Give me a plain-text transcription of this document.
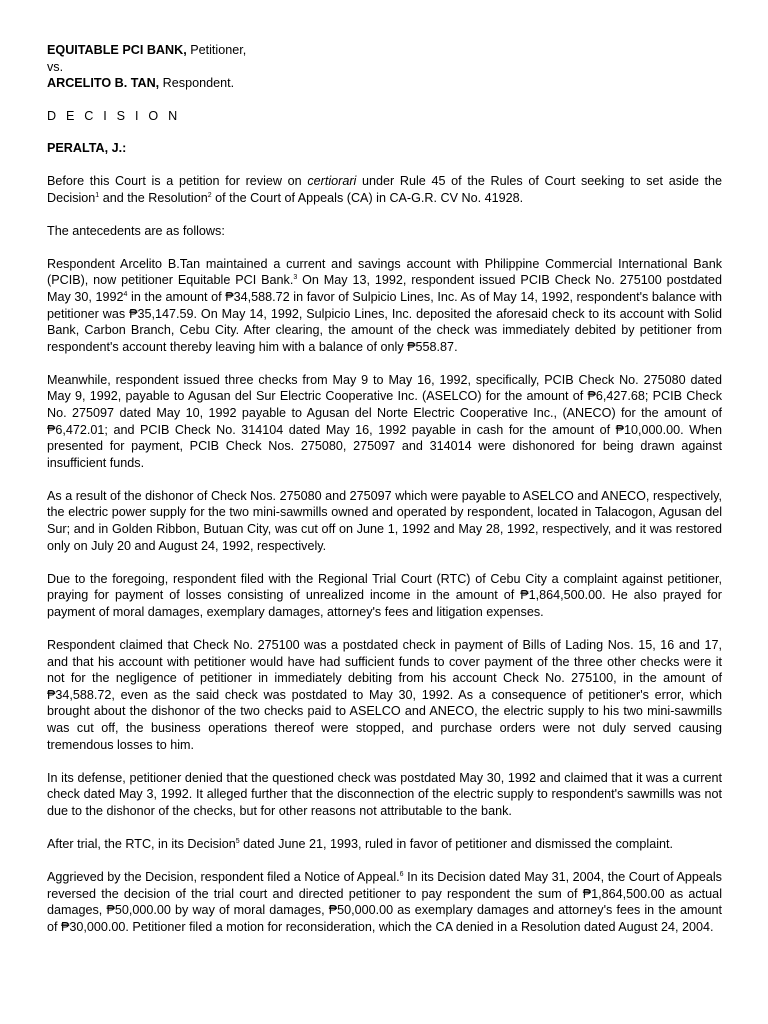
EQUITABLE PCI BANK, Petitioner,

vs.

ARCELITO B. TAN, Respondent.

D E C I S I O N
PERALTA, J.:

Before this Court is a petition for review on certiorari under Rule 45 of the Rules of Court seeking to set aside the Decision$^1$ and the Resolution$^2$ of the Court of Appeals (CA) in CA-G.R. CV No. 41928.

The antecedents are as follows:

Respondent Arcelito B.Tan maintained a current and savings account with Philippine Commercial International Bank (PCIB), now petitioner Equitable PCI Bank.$^3$ On May 13, 1992, respondent issued PCIB Check No. 275100 postdated May 30, 1992$^4$ in the amount of ₱34,588.72 in favor of Sulpicio Lines, Inc. As of May 14, 1992, respondent's balance with petitioner was ₱35,147.59. On May 14, 1992, Sulpicio Lines, Inc. deposited the aforesaid check to its account with Solid Bank, Carbon Branch, Cebu City. After clearing, the amount of the check was immediately debited by petitioner from respondent's account thereby leaving him with a balance of only ₱558.87.

Meanwhile, respondent issued three checks from May 9 to May 16, 1992, specifically, PCIB Check No. 275080 dated May 9, 1992, payable to Agusan del Sur Electric Cooperative Inc. (ASELCO) for the amount of ₱6,427.68; PCIB Check No. 275097 dated May 10, 1992 payable to Agusan del Norte Electric Cooperative Inc., (ANECO) for the amount of ₱6,472.01; and PCIB Check No. 314104 dated May 16, 1992 payable in cash for the amount of ₱10,000.00. When presented for payment, PCIB Check Nos. 275080, 275097 and 314014 were dishonored for being drawn against insufficient funds.

As a result of the dishonor of Check Nos. 275080 and 275097 which were payable to ASELCO and ANECO, respectively, the electric power supply for the two mini-sawmills owned and operated by respondent, located in Talacogon, Agusan del Sur; and in Golden Ribbon, Butuan City, was cut off on June 1, 1992 and May 28, 1992, respectively, and it was restored only on July 20 and August 24, 1992, respectively.

Due to the foregoing, respondent filed with the Regional Trial Court (RTC) of Cebu City a complaint against petitioner, praying for payment of losses consisting of unrealized income in the amount of ₱1,864,500.00. He also prayed for payment of moral damages, exemplary damages, attorney's fees and litigation expenses.

Respondent claimed that Check No. 275100 was a postdated check in payment of Bills of Lading Nos. 15, 16 and 17, and that his account with petitioner would have had sufficient funds to cover payment of the three other checks were it not for the negligence of petitioner in immediately debiting from his account Check No. 275100, in the amount of ₱34,588.72, even as the said check was postdated to May 30, 1992. As a consequence of petitioner's error, which brought about the dishonor of the two checks paid to ASELCO and ANECO, the electric supply to his two mini-sawmills was cut off, the business operations thereof were stopped, and purchase orders were not duly served causing tremendous losses to him.

In its defense, petitioner denied that the questioned check was postdated May 30, 1992 and claimed that it was a current check dated May 3, 1992. It alleged further that the disconnection of the electric supply to respondent's sawmills was not due to the dishonor of the checks, but for other reasons not attributable to the bank.

After trial, the RTC, in its Decision$^5$ dated June 21, 1993, ruled in favor of petitioner and dismissed the complaint.

Aggrieved by the Decision, respondent filed a Notice of Appeal.$^6$ In its Decision dated May 31, 2004, the Court of Appeals reversed the decision of the trial court and directed petitioner to pay respondent the sum of ₱1,864,500.00 as actual damages, ₱50,000.00 by way of moral damages, ₱50,000.00 as exemplary damages and attorney's fees in the amount of ₱30,000.00. Petitioner filed a motion for reconsideration, which the CA denied in a Resolution dated August 24, 2004.
